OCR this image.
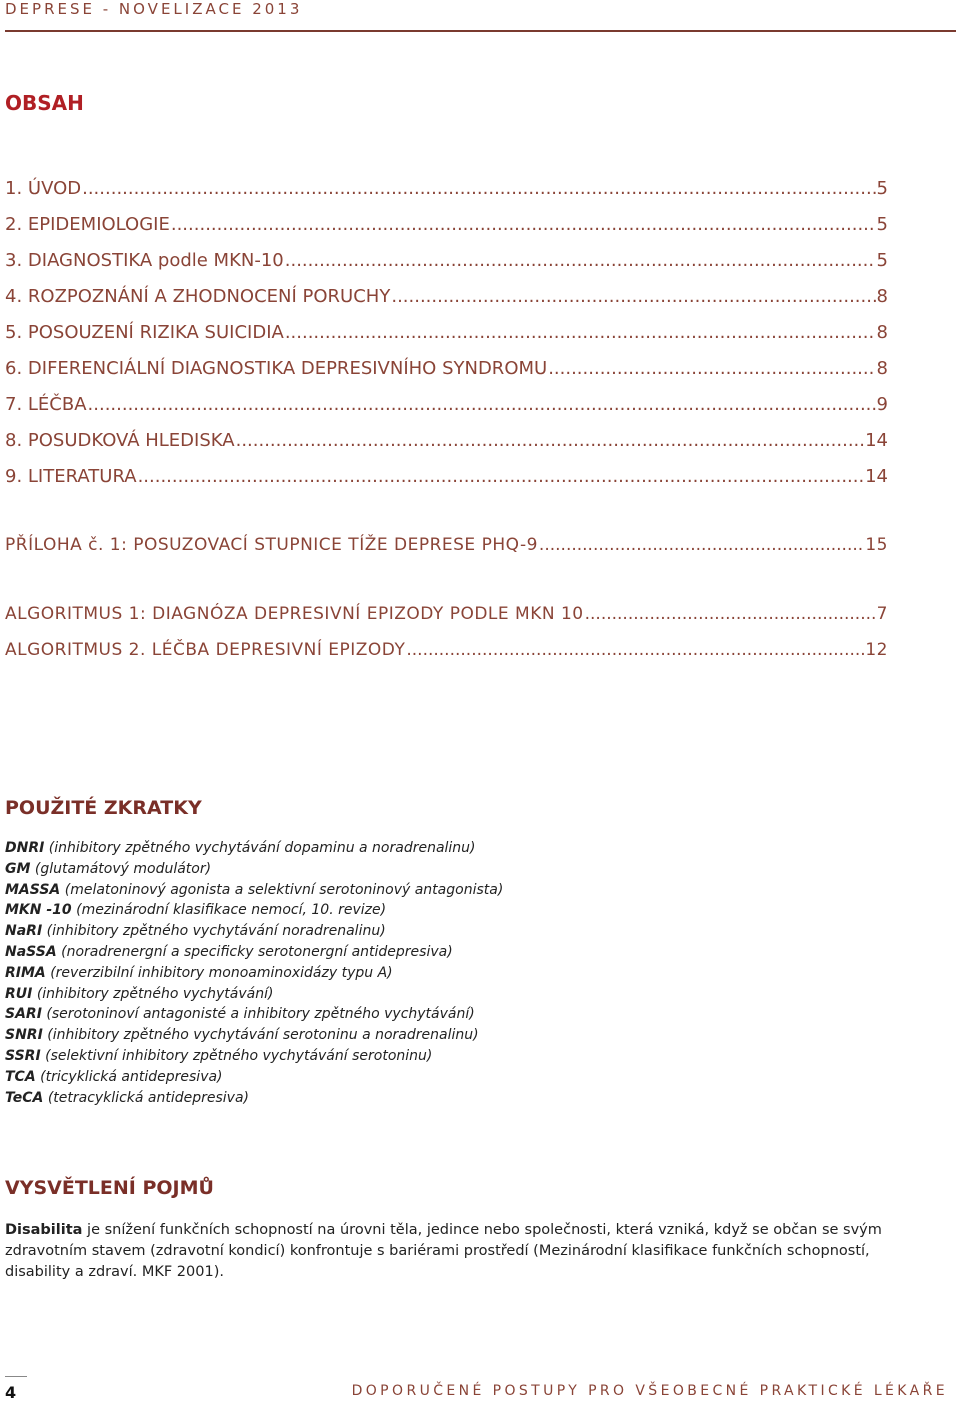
DEPRESE - NOVELIZACE 2013
OBSAH
1. ÚVOD .....	5
2. EPIDEMIOLOGIE .....	5
3. DIAGNOSTIKA podle MKN-10 .....	5
4. ROZPOZNÁNÍ A ZHODNOCENÍ PORUCHY .....	8
5. POSOUZENÍ RIZIKA SUICIDIA .....	8
6. DIFERENCIÁLNÍ DIAGNOSTIKA DEPRESIVNÍHO SYNDROMU .....	8
7. LÉČBA .....	9
8. POSUDKOVÁ HLEDISKA .....	14
9. LITERATURA .....	14
PŘÍLOHA č. 1: POSUZOVACÍ STUPNICE TÍŽE DEPRESE PHQ-9 .....	15
ALGORITMUS 1: DIAGNÓZA DEPRESIVNÍ EPIZODY PODLE MKN 10 .....	7
ALGORITMUS 2. LÉČBA DEPRESIVNÍ EPIZODY .....	12
POUŽITÉ ZKRATKY
DNRI (inhibitory zpětného vychytávání dopaminu a noradrenalinu)
GM (glutamátový modulátor)
MASSA (melatoninový agonista a selektivní serotoninový antagonista)
MKN -10 (mezinárodní klasifikace nemocí, 10. revize)
NaRI (inhibitory zpětného vychytávání noradrenalinu)
NaSSA (noradrenergní a specificky serotonergní antidepresiva)
RIMA (reverzibilní inhibitory monoaminoxidázy typu A)
RUI (inhibitory zpětného vychytávání)
SARI (serotoninoví antagonisté a inhibitory zpětného vychytávání)
SNRI (inhibitory zpětného vychytávání serotoninu a noradrenalinu)
SSRI (selektivní inhibitory zpětného vychytávání serotoninu)
TCA (tricyklická antidepresiva)
TeCA (tetracyklická antidepresiva)
VYSVĚTLENÍ POJMŮ

Disabilita je snížení funkčních schopností na úrovni těla, jedince nebo společnosti, která vzniká, když se občan se svým zdravotním stavem (zdravotní kondicí) konfrontuje s bariérami prostředí (Mezinárodní klasifikace funkčních schopností, disability a zdraví. MKF 2001).

4	DOPORUČENÉ POSTUPY PRO VŠEOBECNÉ PRAKTICKÉ LÉKAŘE
